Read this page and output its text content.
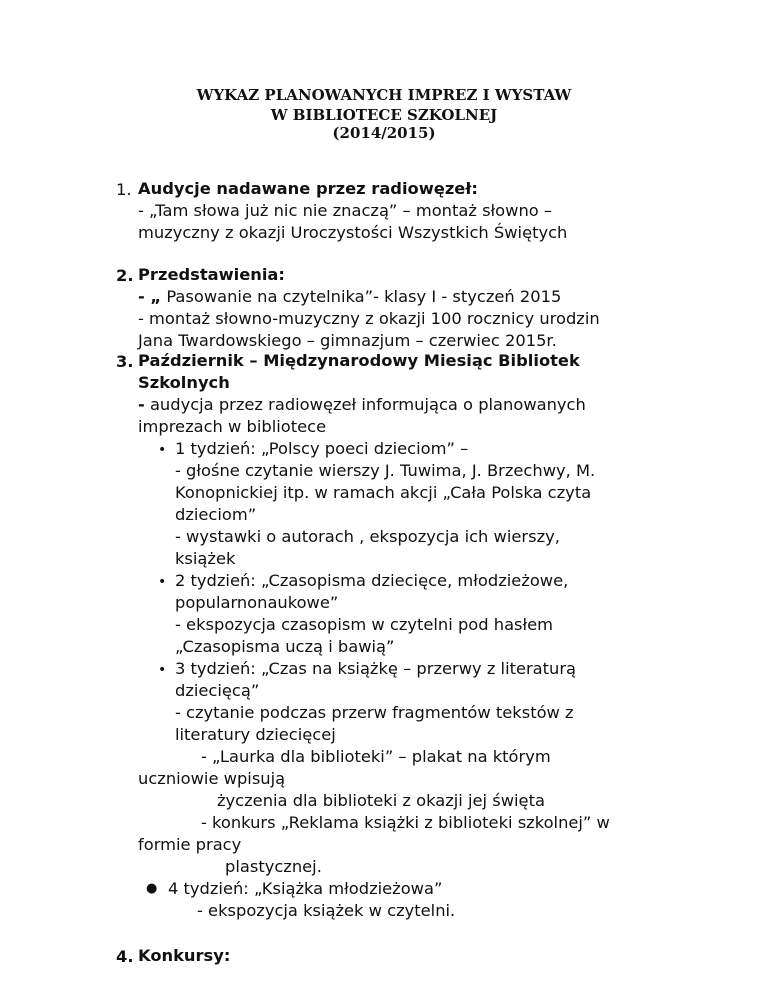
WYKAZ PLANOWANYCH IMPREZ I WYSTAW
W BIBLIOTECE SZKOLNEJ
(2014/2015)
1. Audycje nadawane przez radiowęzeł:
- „Tam słowa już nic nie znaczą” – montaż słowno –
muzyczny z okazji Uroczystości Wszystkich Świętych
2. Przedstawienia:
- „ Pasowanie na czytelnika”- klasy I - styczeń 2015
- montaż słowno-muzyczny z okazji 100 rocznicy urodzin
Jana Twardowskiego – gimnazjum – czerwiec 2015r.
3. Październik – Międzynarodowy Miesiąc Bibliotek
Szkolnych
- audycja przez radiowęzeł informująca o planowanych
imprezach w bibliotece
• 1 tydzień: „Polscy poeci dzieciom” –
- głośne czytanie wierszy J. Tuwima, J. Brzechwy, M.
Konopnickiej itp. w ramach akcji „Cała Polska czyta
dzieciom”
- wystawki o autorach , ekspozycja ich wierszy,
książek
• 2 tydzień: „Czasopisma dziecięce, młodzieżowe,
popularnonaukowe”
- ekspozycja czasopism w czytelni pod hasłem
„Czasopisma uczą i bawią”
• 3 tydzień: „Czas na książkę – przerwy z literaturą
dziecięcą”
- czytanie podczas przerw fragmentów tekstów z
literatury dziecięcej
- „Laurka dla biblioteki” – plakat na którym
uczniowie wpisują
życzenia dla biblioteki z okazji jej święta
- konkurs „Reklama książki z biblioteki szkolnej” w
formie pracy
plastycznej.
● 4 tydzień: „Książka młodzieżowa”
- ekspozycja książek w czytelni.
4. Konkursy:
